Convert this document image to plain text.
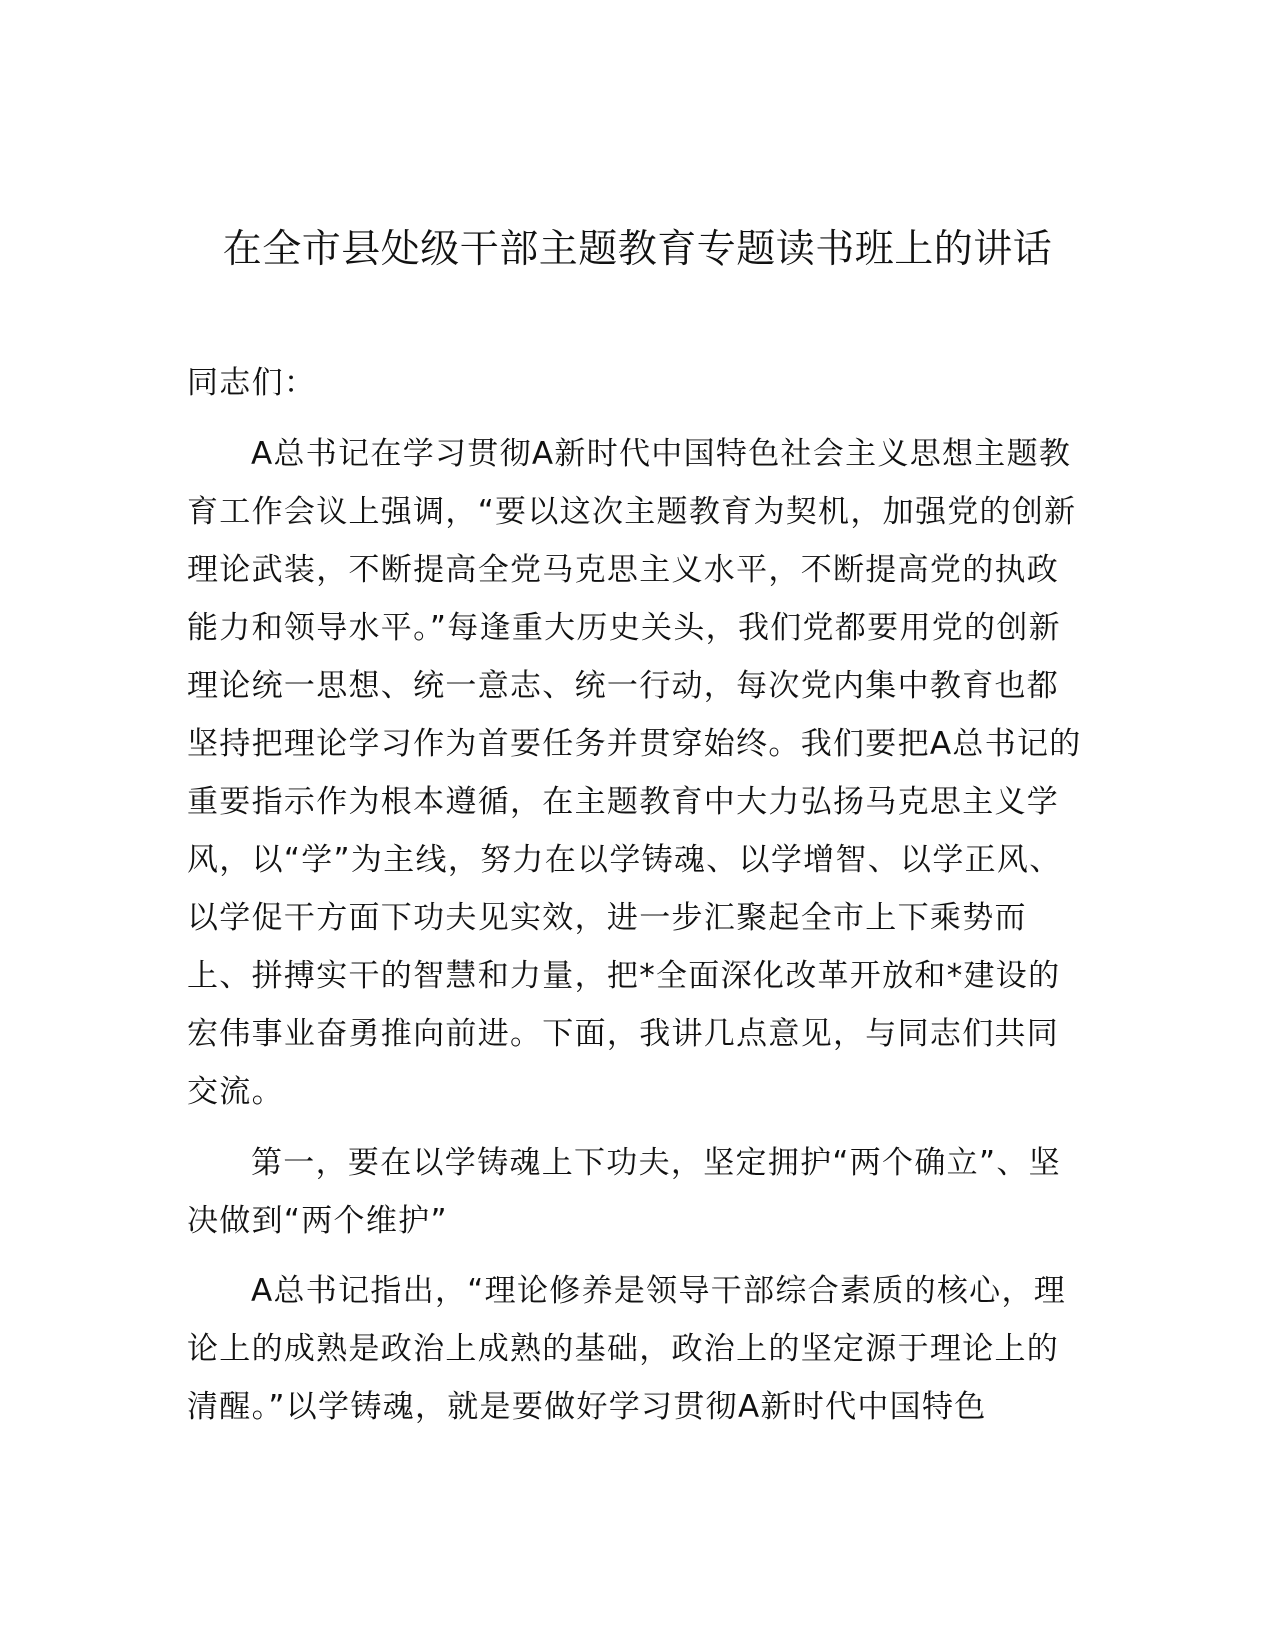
在全市县处级干部主题教育专题读书班上的讲话

同志们：

A总书记在学习贯彻A新时代中国特色社会主义思想主题教育工作会议上强调，“要以这次主题教育为契机，加强党的创新理论武装，不断提高全党马克思主义水平，不断提高党的执政能力和领导水平。”每逢重大历史关头，我们党都要用党的创新理论统一思想、统一意志、统一行动，每次党内集中教育也都坚持把理论学习作为首要任务并贯穿始终。我们要把A总书记的重要指示作为根本遵循，在主题教育中大力弘扬马克思主义学风，以“学”为主线，努力在以学铸魂、以学增智、以学正风、以学促干方面下功夫见实效，进一步汇聚起全市上下乘势而上、拼搏实干的智慧和力量，把*全面深化改革开放和*建设的宏伟事业奋勇推向前进。下面，我讲几点意见，与同志们共同交流。

第一，要在以学铸魂上下功夫，坚定拥护“两个确立”、坚决做到“两个维护”

A总书记指出，“理论修养是领导干部综合素质的核心，理论上的成熟是政治上成熟的基础，政治上的坚定源于理论上的清醒。”以学铸魂，就是要做好学习贯彻A新时代中国特色
